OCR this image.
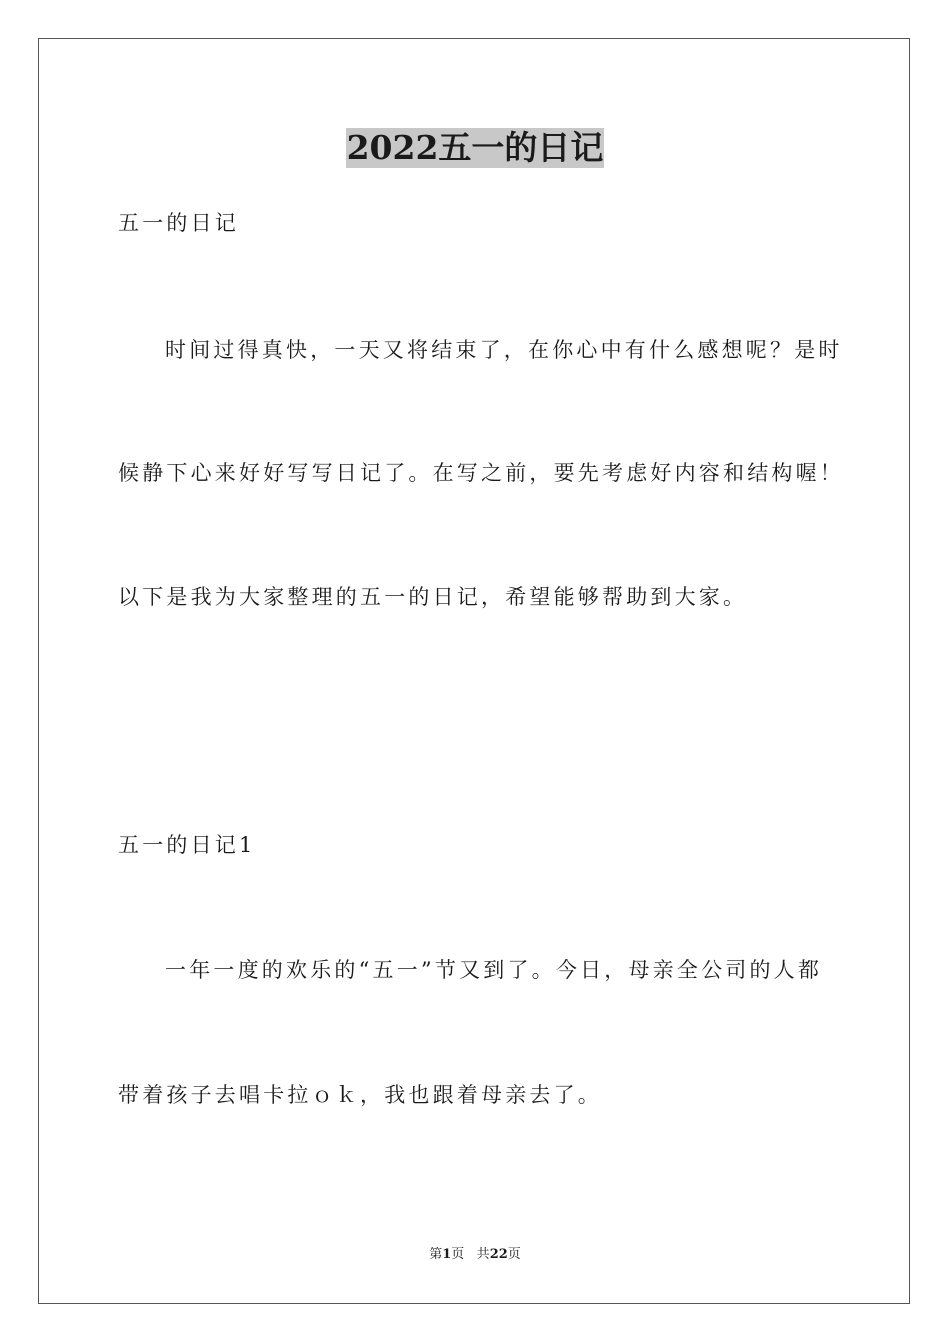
2022五一的日记

五一的日记

时间过得真快，一天又将结束了，在你心中有什么感想呢？是时

候静下心来好好写写日记了。在写之前，要先考虑好内容和结构喔！

以下是我为大家整理的五一的日记，希望能够帮助到大家。

五一的日记1

一年一度的欢乐的“五一”节又到了。今日，母亲全公司的人都

带着孩子去唱卡拉ｏｋ，我也跟着母亲去了。

第1页 共22页
